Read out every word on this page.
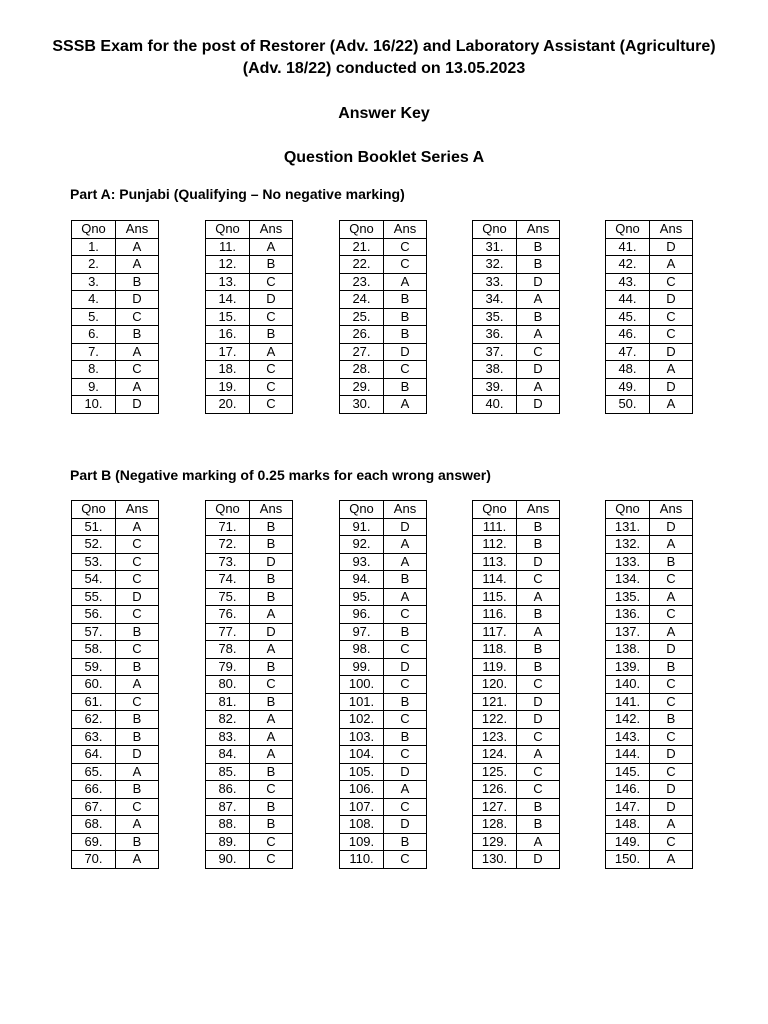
SSSB Exam for the post of Restorer (Adv. 16/22) and Laboratory Assistant (Agriculture)
(Adv. 18/22) conducted on 13.05.2023
Answer Key
Question Booklet Series A
Part A: Punjabi (Qualifying – No negative marking)
Qno	Ans
1.	A
2.	A
3.	B
4.	D
5.	C
6.	B
7.	A
8.	C
9.	A
10.	D
Qno	Ans
11.	A
12.	B
13.	C
14.	D
15.	C
16.	B
17.	A
18.	C
19.	C
20.	C
Qno	Ans
21.	C
22.	C
23.	A
24.	B
25.	B
26.	B
27.	D
28.	C
29.	B
30.	A
Qno	Ans
31.	B
32.	B
33.	D
34.	A
35.	B
36.	A
37.	C
38.	D
39.	A
40.	D
Qno	Ans
41.	D
42.	A
43.	C
44.	D
45.	C
46.	C
47.	D
48.	A
49.	D
50.	A
Part B (Negative marking of 0.25 marks for each wrong answer)
Qno	Ans
51.	A
52.	C
53.	C
54.	C
55.	D
56.	C
57.	B
58.	C
59.	B
60.	A
61.	C
62.	B
63.	B
64.	D
65.	A
66.	B
67.	C
68.	A
69.	B
70.	A
Qno	Ans
71.	B
72.	B
73.	D
74.	B
75.	B
76.	A
77.	D
78.	A
79.	B
80.	C
81.	B
82.	A
83.	A
84.	A
85.	B
86.	C
87.	B
88.	B
89.	C
90.	C
Qno	Ans
91.	D
92.	A
93.	A
94.	B
95.	A
96.	C
97.	B
98.	C
99.	D
100.	C
101.	B
102.	C
103.	B
104.	C
105.	D
106.	A
107.	C
108.	D
109.	B
110.	C
Qno	Ans
111.	B
112.	B
113.	D
114.	C
115.	A
116.	B
117.	A
118.	B
119.	B
120.	C
121.	D
122.	D
123.	C
124.	A
125.	C
126.	C
127.	B
128.	B
129.	A
130.	D
Qno	Ans
131.	D
132.	A
133.	B
134.	C
135.	A
136.	C
137.	A
138.	D
139.	B
140.	C
141.	C
142.	B
143.	C
144.	D
145.	C
146.	D
147.	D
148.	A
149.	C
150.	A
